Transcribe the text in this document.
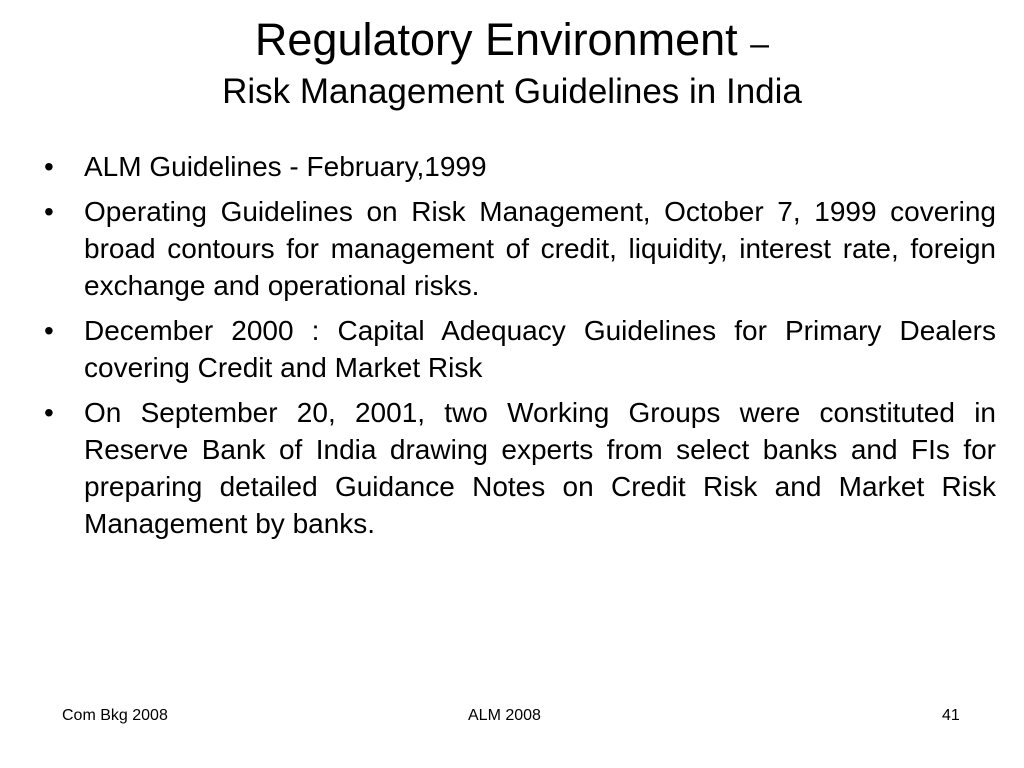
Regulatory Environment –
Risk Management Guidelines in India
•	ALM Guidelines - February,1999
•	Operating Guidelines on Risk Management, October 7, 1999 covering broad contours for management of credit, liquidity, interest rate, foreign exchange and operational risks.
•	December 2000 : Capital Adequacy Guidelines for Primary Dealers covering Credit and Market Risk
•	On September 20, 2001, two Working Groups were constituted in Reserve Bank of India drawing experts from select banks and FIs for preparing detailed Guidance Notes on Credit Risk and Market Risk Management by banks.
Com Bkg 2008	ALM 2008	41
